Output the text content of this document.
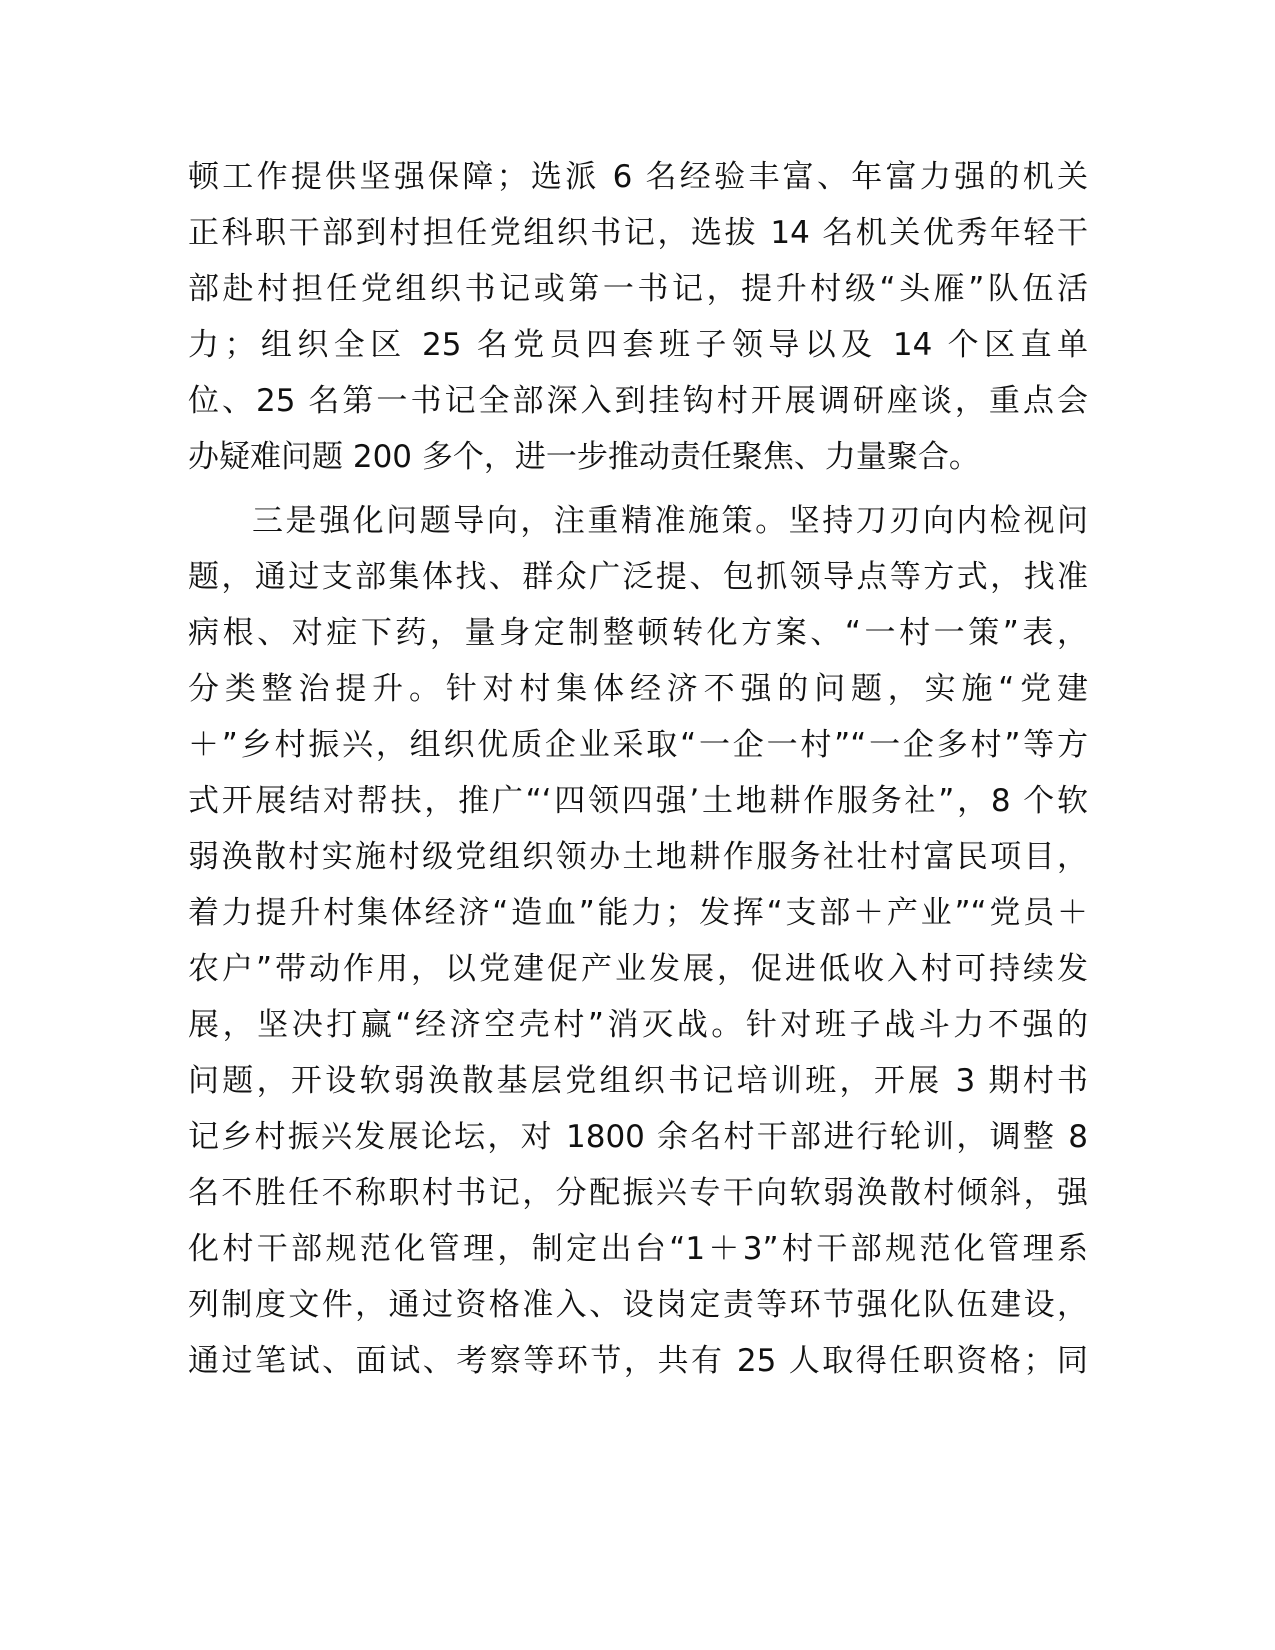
顿工作提供坚强保障；选派 6 名经验丰富、年富力强的机关
正科职干部到村担任党组织书记，选拔 14 名机关优秀年轻干
部赴村担任党组织书记或第一书记，提升村级“头雁”队伍活
力；组织全区 25 名党员四套班子领导以及 14 个区直单
位、25 名第一书记全部深入到挂钩村开展调研座谈，重点会
办疑难问题 200 多个，进一步推动责任聚焦、力量聚合。
三是强化问题导向，注重精准施策。坚持刀刃向内检视问
题，通过支部集体找、群众广泛提、包抓领导点等方式，找准
病根、对症下药，量身定制整顿转化方案、“一村一策”表，
分类整治提升。针对村集体经济不强的问题，实施“党建
＋”乡村振兴，组织优质企业采取“一企一村”“一企多村”等方
式开展结对帮扶，推广“‘四领四强’土地耕作服务社”，8 个软
弱涣散村实施村级党组织领办土地耕作服务社壮村富民项目，
着力提升村集体经济“造血”能力；发挥“支部＋产业”“党员＋
农户”带动作用，以党建促产业发展，促进低收入村可持续发
展，坚决打赢“经济空壳村”消灭战。针对班子战斗力不强的
问题，开设软弱涣散基层党组织书记培训班，开展 3 期村书
记乡村振兴发展论坛，对 1800 余名村干部进行轮训，调整 8
名不胜任不称职村书记，分配振兴专干向软弱涣散村倾斜，强
化村干部规范化管理，制定出台“1＋3”村干部规范化管理系
列制度文件，通过资格准入、设岗定责等环节强化队伍建设，
通过笔试、面试、考察等环节，共有 25 人取得任职资格；同
